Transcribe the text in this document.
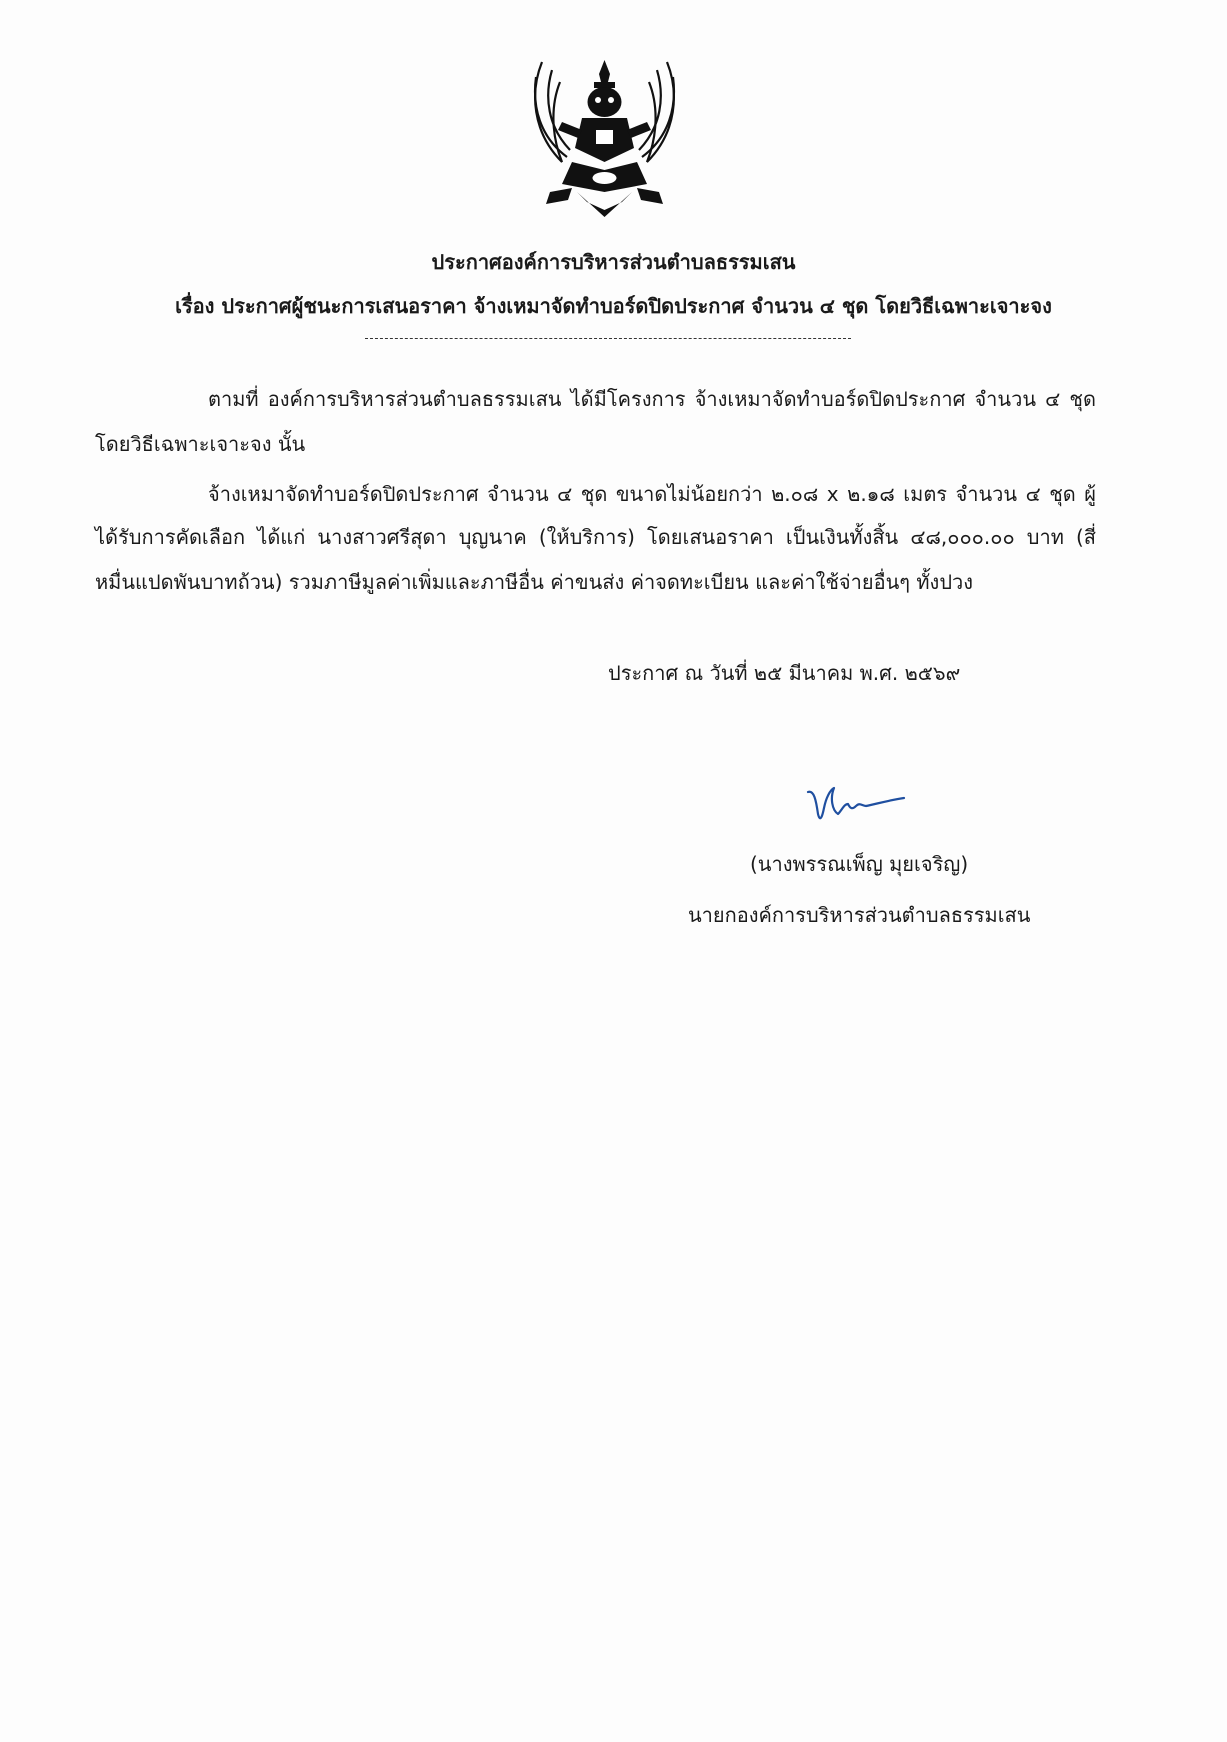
ประกาศองค์การบริหารส่วนตำบลธรรมเสน
เรื่อง ประกาศผู้ชนะการเสนอราคา จ้างเหมาจัดทำบอร์ดปิดประกาศ จำนวน ๔ ชุด โดยวิธีเฉพาะเจาะจง
ตามที่ องค์การบริหารส่วนตำบลธรรมเสน ได้มีโครงการ จ้างเหมาจัดทำบอร์ดปิดประกาศ จำนวน ๔ ชุด
โดยวิธีเฉพาะเจาะจง นั้น
จ้างเหมาจัดทำบอร์ดปิดประกาศ จำนวน ๔ ชุด ขนาดไม่น้อยกว่า ๒.๐๘ x ๒.๑๘ เมตร จำนวน ๔ ชุด ผู้
ได้รับการคัดเลือก ได้แก่ นางสาวศรีสุดา บุญนาค (ให้บริการ) โดยเสนอราคา เป็นเงินทั้งสิ้น ๔๘,๐๐๐.๐๐ บาท (สี่
หมื่นแปดพันบาทถ้วน) รวมภาษีมูลค่าเพิ่มและภาษีอื่น ค่าขนส่ง ค่าจดทะเบียน และค่าใช้จ่ายอื่นๆ ทั้งปวง
ประกาศ ณ วันที่ ๒๕ มีนาคม พ.ศ. ๒๕๖๙
(นางพรรณเพ็ญ มุยเจริญ)
นายกองค์การบริหารส่วนตำบลธรรมเสน
